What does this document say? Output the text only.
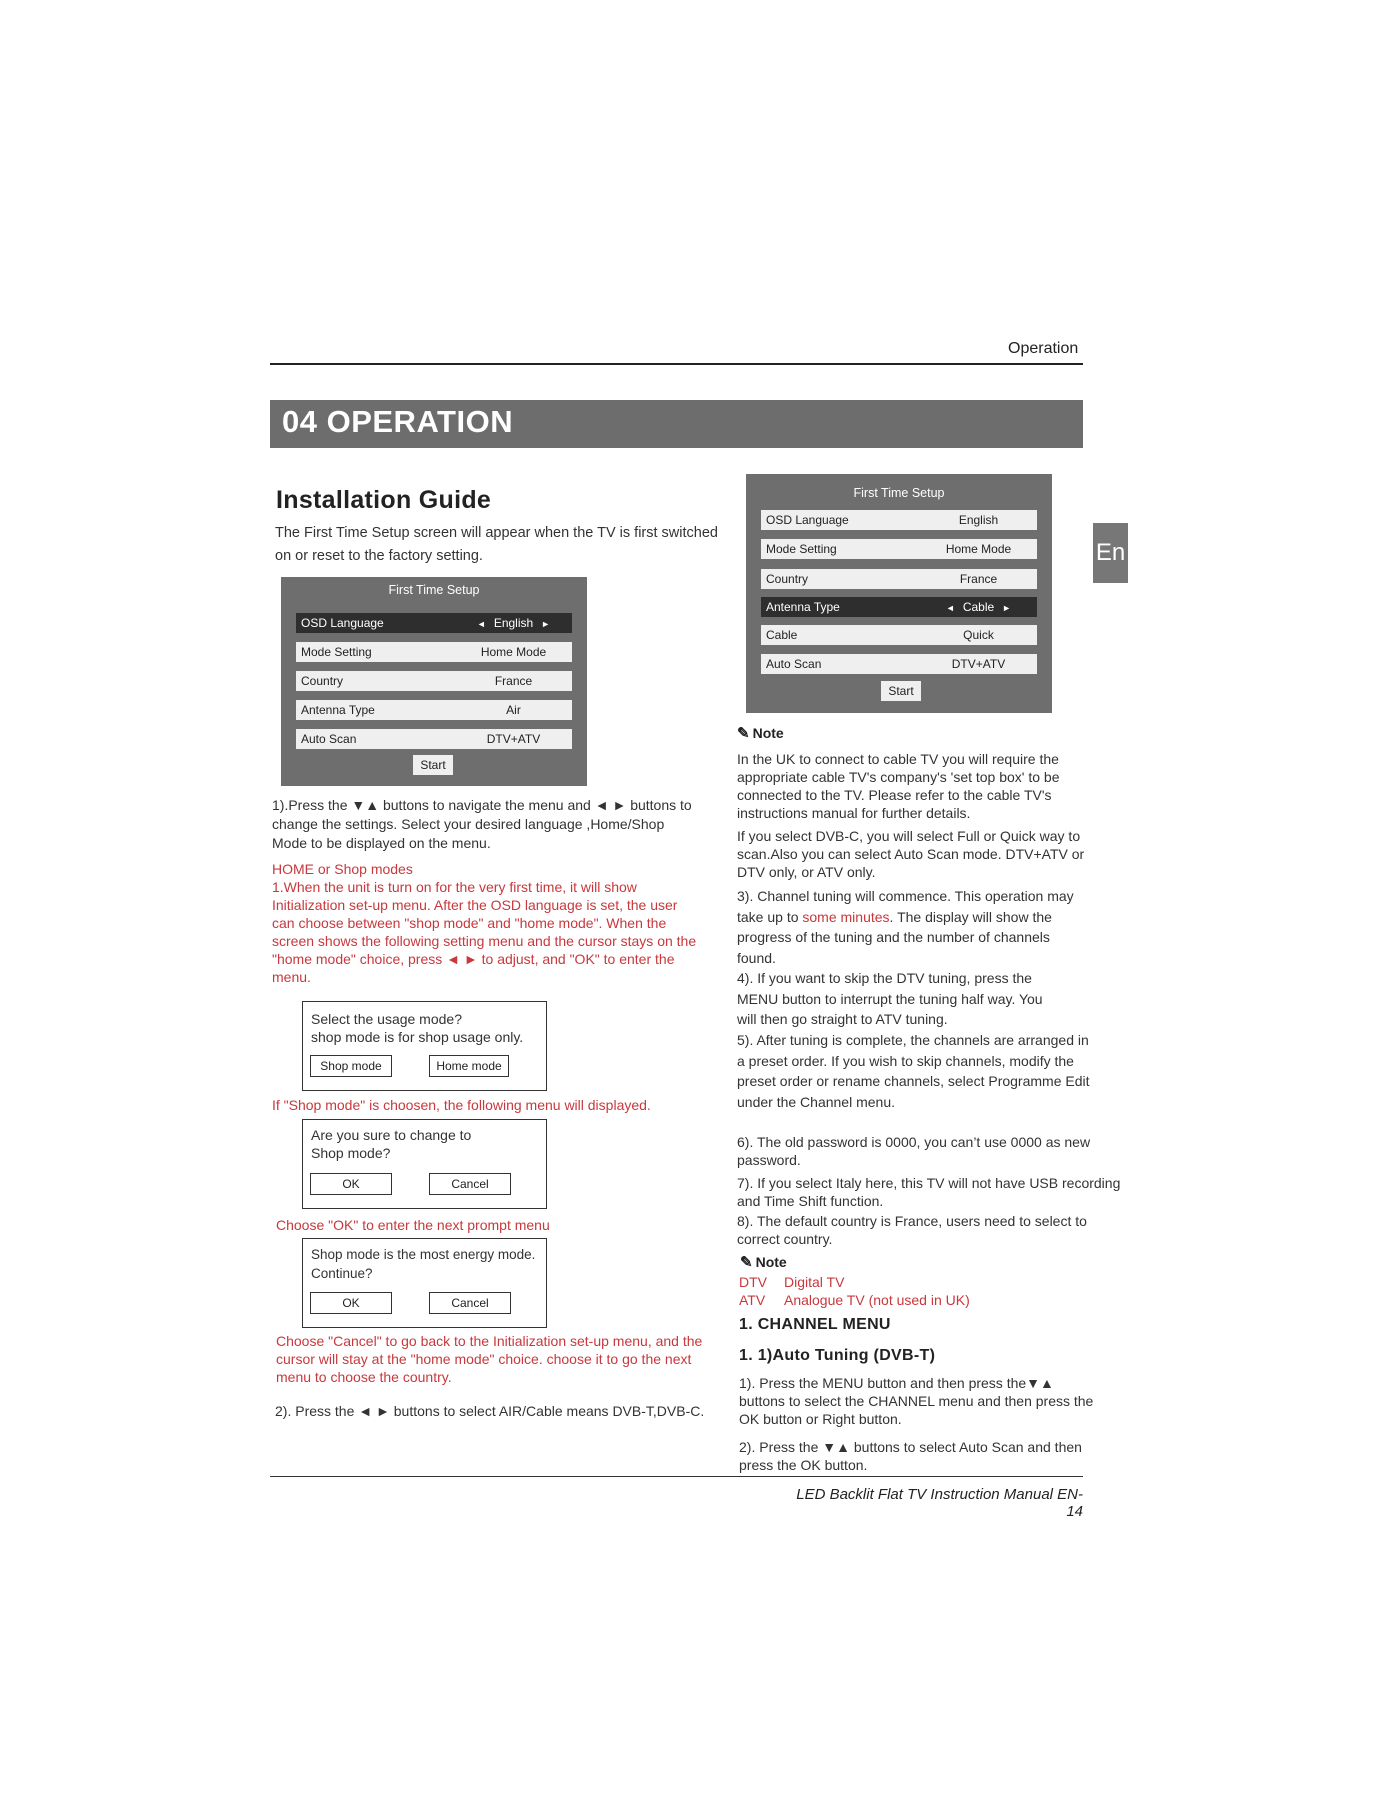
Operation
04 OPERATION
En
Installation Guide
The First Time Setup screen will appear when the TV is first switched on or reset to the factory setting.
First Time Setup
OSD Language	◄ English ►
Mode Setting	Home Mode
Country	France
Antenna Type	Air
Auto Scan	DTV+ATV
Start
1).Press the ▼▲ buttons to navigate the menu and ◄ ► buttons to change the settings. Select your desired language ,Home/Shop Mode to be displayed on the menu.
HOME or Shop modes
1.When the unit is turn on for the very first time, it will show Initialization set-up menu. After the OSD language is set, the user can choose between "shop mode" and "home mode". When the screen shows the following setting menu and the cursor stays on the "home mode" choice, press ◄ ► to adjust, and "OK" to enter the menu.
Select the usage mode?
shop mode is for shop usage only.
Shop mode	Home mode
If "Shop mode" is choosen, the following menu will displayed.
Are you sure to change to
Shop mode?
OK	Cancel
Choose "OK" to enter the next prompt menu
Shop mode is the most energy mode.
Continue?
OK	Cancel
Choose "Cancel" to go back to the Initialization set-up menu, and the cursor will stay at the "home mode" choice. choose it to go the next menu to choose the country.
2). Press the ◄ ► buttons to select AIR/Cable means DVB-T,DVB-C.
First Time Setup
OSD Language	English
Mode Setting	Home Mode
Country	France
Antenna Type	◄ Cable ►
Cable	Quick
Auto Scan	DTV+ATV
Start
✎ Note
In the UK to connect to cable TV you will require the appropriate cable TV's company's 'set top box' to be connected to the TV. Please refer to the cable TV's instructions manual for further details.
If you select DVB-C, you will select Full or Quick way to scan.Also you can select Auto Scan mode. DTV+ATV or DTV only, or ATV only.
3). Channel tuning will commence. This operation may take up to some minutes. The display will show the progress of the tuning and the number of channels found.
4). If you want to skip the DTV tuning, press the MENU button to interrupt the tuning half way. You will then go straight to ATV tuning.
5). After tuning is complete, the channels are arranged in a preset order. If you wish to skip channels, modify the preset order or rename channels, select Programme Edit under the Channel menu.
6). The old password is 0000, you can’t use 0000 as new password.
7). If you select Italy here, this TV will not have USB recording and Time Shift function.
8). The default country is France, users need to select to correct country.
✎ Note
DTV Digital TV
ATV Analogue TV (not used in UK)
1. CHANNEL MENU
1. 1)Auto Tuning (DVB-T)
1). Press the MENU button and then press the▼▲ buttons to select the CHANNEL menu and then press the OK button or Right button.
2). Press the ▼▲ buttons to select Auto Scan and then press the OK button.
LED Backlit Flat TV Instruction Manual EN-14
